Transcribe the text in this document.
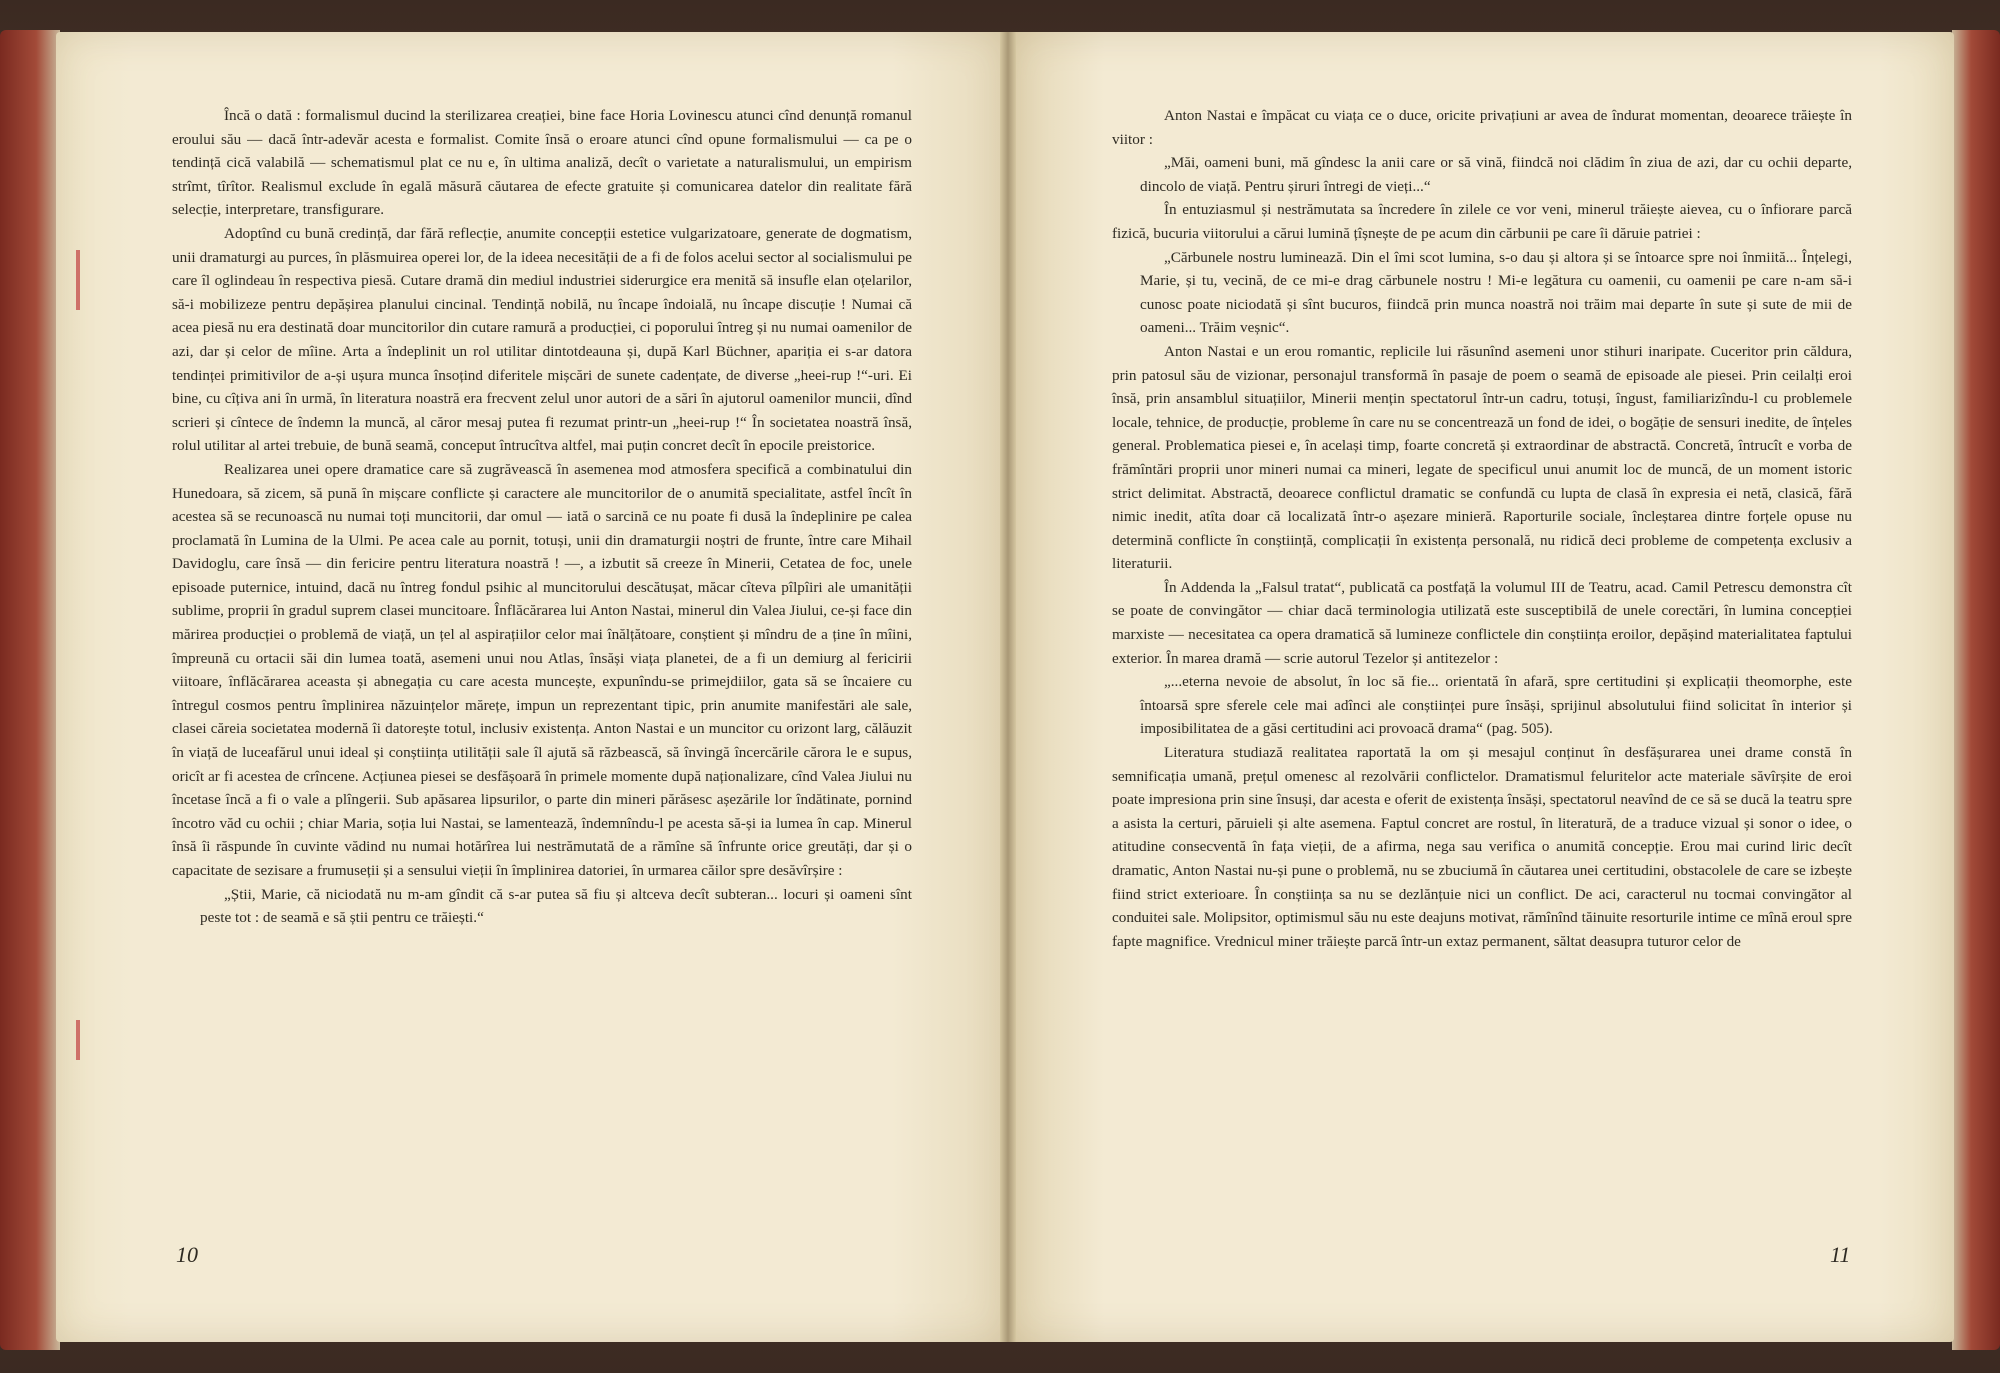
Încă o dată : formalismul ducind la sterilizarea creației, bine face Horia Lovinescu atunci cînd denunță romanul eroului său — dacă într-adevăr acesta e formalist. Comite însă o eroare atunci cînd opune formalismului — ca pe o tendință cică valabilă — schematismul plat ce nu e, în ultima analiză, decît o varietate a naturalismului, un empirism strîmt, tîrîtor. Realismul exclude în egală măsură căutarea de efecte gratuite și comunicarea datelor din realitate fără selecție, interpretare, transfigurare.

Adoptînd cu bună credință, dar fără reflecție, anumite concepții estetice vulgarizatoare, generate de dogmatism, unii dramaturgi au purces, în plăsmuirea operei lor, de la ideea necesității de a fi de folos acelui sector al socialismului pe care îl oglindeau în respectiva piesă. Cutare dramă din mediul industriei siderurgice era menită să insufle elan oțelarilor, să-i mobilizeze pentru depășirea planului cincinal. Tendință nobilă, nu încape îndoială, nu încape discuție ! Numai că acea piesă nu era destinată doar muncitorilor din cutare ramură a producției, ci poporului întreg și nu numai oamenilor de azi, dar și celor de mîine. Arta a îndeplinit un rol utilitar dintotdeauna și, după Karl Büchner, apariția ei s-ar datora tendinței primitivilor de a-și ușura munca însoțind diferitele mișcări de sunete cadențate, de diverse „heei-rup !“-uri. Ei bine, cu cîțiva ani în urmă, în literatura noastră era frecvent zelul unor autori de a sări în ajutorul oamenilor muncii, dînd scrieri și cîntece de îndemn la muncă, al căror mesaj putea fi rezumat printr-un „heei-rup !“ În societatea noastră însă, rolul utilitar al artei trebuie, de bună seamă, conceput întrucîtva altfel, mai puțin concret decît în epocile preistorice.

Realizarea unei opere dramatice care să zugrăvească în asemenea mod atmosfera specifică a combinatului din Hunedoara, să zicem, să pună în mișcare conflicte și caractere ale muncitorilor de o anumită specialitate, astfel încît în acestea să se recunoască nu numai toți muncitorii, dar omul — iată o sarcină ce nu poate fi dusă la îndeplinire pe calea proclamată în Lumina de la Ulmi. Pe acea cale au pornit, totuși, unii din dramaturgii noștri de frunte, între care Mihail Davidoglu, care însă — din fericire pentru literatura noastră ! —, a izbutit să creeze în Minerii, Cetatea de foc, unele episoade puternice, intuind, dacă nu întreg fondul psihic al muncitorului descătușat, măcar cîteva pîlpîiri ale umanității sublime, proprii în gradul suprem clasei muncitoare. Înflăcărarea lui Anton Nastai, minerul din Valea Jiului, ce-și face din mărirea producției o problemă de viață, un țel al aspirațiilor celor mai înălțătoare, conștient și mîndru de a ține în mîini, împreună cu ortacii săi din lumea toată, asemeni unui nou Atlas, însăși viața planetei, de a fi un demiurg al fericirii viitoare, înflăcărarea aceasta și abnegația cu care acesta muncește, expunîndu-se primejdiilor, gata să se încaiere cu întregul cosmos pentru împlinirea năzuințelor mărețe, impun un reprezentant tipic, prin anumite manifestări ale sale, clasei căreia societatea modernă îi datorește totul, inclusiv existența. Anton Nastai e un muncitor cu orizont larg, călăuzit în viață de luceafărul unui ideal și conștiința utilității sale îl ajută să răzbească, să învingă încercările cărora le e supus, oricît ar fi acestea de crîncene. Acțiunea piesei se desfășoară în primele momente după naționalizare, cînd Valea Jiului nu încetase încă a fi o vale a plîngerii. Sub apăsarea lipsurilor, o parte din mineri părăsesc așezările lor îndătinate, pornind încotro văd cu ochii ; chiar Maria, soția lui Nastai, se lamentează, îndemnîndu-l pe acesta să-și ia lumea în cap. Minerul însă îi răspunde în cuvinte vădind nu numai hotărîrea lui nestrămutată de a rămîne să înfrunte orice greutăți, dar și o capacitate de sezisare a frumuseții și a sensului vieții în împlinirea datoriei, în urmarea căilor spre desăvîrșire :

„Știi, Marie, că niciodată nu m-am gîndit că s-ar putea să fiu și altceva decît subteran... locuri și oameni sînt peste tot : de seamă e să știi pentru ce trăiești.“

Anton Nastai e împăcat cu viața ce o duce, oricite privațiuni ar avea de îndurat momentan, deoarece trăiește în viitor :

„Măi, oameni buni, mă gîndesc la anii care or să vină, fiindcă noi clădim în ziua de azi, dar cu ochii departe, dincolo de viață. Pentru șiruri întregi de vieți...“

În entuziasmul și nestrămutata sa încredere în zilele ce vor veni, minerul trăiește aievea, cu o înfiorare parcă fizică, bucuria viitorului a cărui lumină țîșnește de pe acum din cărbunii pe care îi dăruie patriei :

„Cărbunele nostru luminează. Din el îmi scot lumina, s-o dau și altora și se întoarce spre noi înmiită... Înțelegi, Marie, și tu, vecină, de ce mi-e drag cărbunele nostru ! Mi-e legătura cu oamenii, cu oamenii pe care n-am să-i cunosc poate niciodată și sînt bucuros, fiindcă prin munca noastră noi trăim mai departe în sute și sute de mii de oameni... Trăim veșnic“.

Anton Nastai e un erou romantic, replicile lui răsunînd asemeni unor stihuri inaripate. Cuceritor prin căldura, prin patosul său de vizionar, personajul transformă în pasaje de poem o seamă de episoade ale piesei. Prin ceilalți eroi însă, prin ansamblul situațiilor, Minerii mențin spectatorul într-un cadru, totuși, îngust, familiarizîndu-l cu problemele locale, tehnice, de producție, probleme în care nu se concentrează un fond de idei, o bogăție de sensuri inedite, de înțeles general. Problematica piesei e, în același timp, foarte concretă și extraordinar de abstractă. Concretă, întrucît e vorba de frămîntări proprii unor mineri numai ca mineri, legate de specificul unui anumit loc de muncă, de un moment istoric strict delimitat. Abstractă, deoarece conflictul dramatic se confundă cu lupta de clasă în expresia ei netă, clasică, fără nimic inedit, atîta doar că localizată într-o așezare minieră. Raporturile sociale, încleștarea dintre forțele opuse nu determină conflicte în conștiință, complicații în existența personală, nu ridică deci probleme de competența exclusiv a literaturii.

În Addenda la „Falsul tratat“, publicată ca postfață la volumul III de Teatru, acad. Camil Petrescu demonstra cît se poate de convingător — chiar dacă terminologia utilizată este susceptibilă de unele corectări, în lumina concepției marxiste — necesitatea ca opera dramatică să lumineze conflictele din conștiința eroilor, depășind materialitatea faptului exterior. În marea dramă — scrie autorul Tezelor și antitezelor :

„...eterna nevoie de absolut, în loc să fie... orientată în afară, spre certitudini și explicații theomorphe, este întoarsă spre sferele cele mai adînci ale conștiinței pure însăși, sprijinul absolutului fiind solicitat în interior și imposibilitatea de a găsi certitudini aci provoacă drama“ (pag. 505).

Literatura studiază realitatea raportată la om și mesajul conținut în desfășurarea unei drame constă în semnificația umană, prețul omenesc al rezolvării conflictelor. Dramatismul feluritelor acte materiale săvîrșite de eroi poate impresiona prin sine însuși, dar acesta e oferit de existența însăși, spectatorul neavînd de ce să se ducă la teatru spre a asista la certuri, păruieli și alte asemena. Faptul concret are rostul, în literatură, de a traduce vizual și sonor o idee, o atitudine consecventă în fața vieții, de a afirma, nega sau verifica o anumită concepție. Erou mai curind liric decît dramatic, Anton Nastai nu-și pune o problemă, nu se zbuciumă în căutarea unei certitudini, obstacolele de care se izbește fiind strict exterioare. În conștiința sa nu se dezlănțuie nici un conflict. De aci, caracterul nu tocmai convingător al conduitei sale. Molipsitor, optimismul său nu este deajuns motivat, rămînînd tăinuite resorturile intime ce mînă eroul spre fapte magnifice. Vrednicul miner trăiește parcă într-un extaz permanent, săltat deasupra tuturor celor de

10	11
